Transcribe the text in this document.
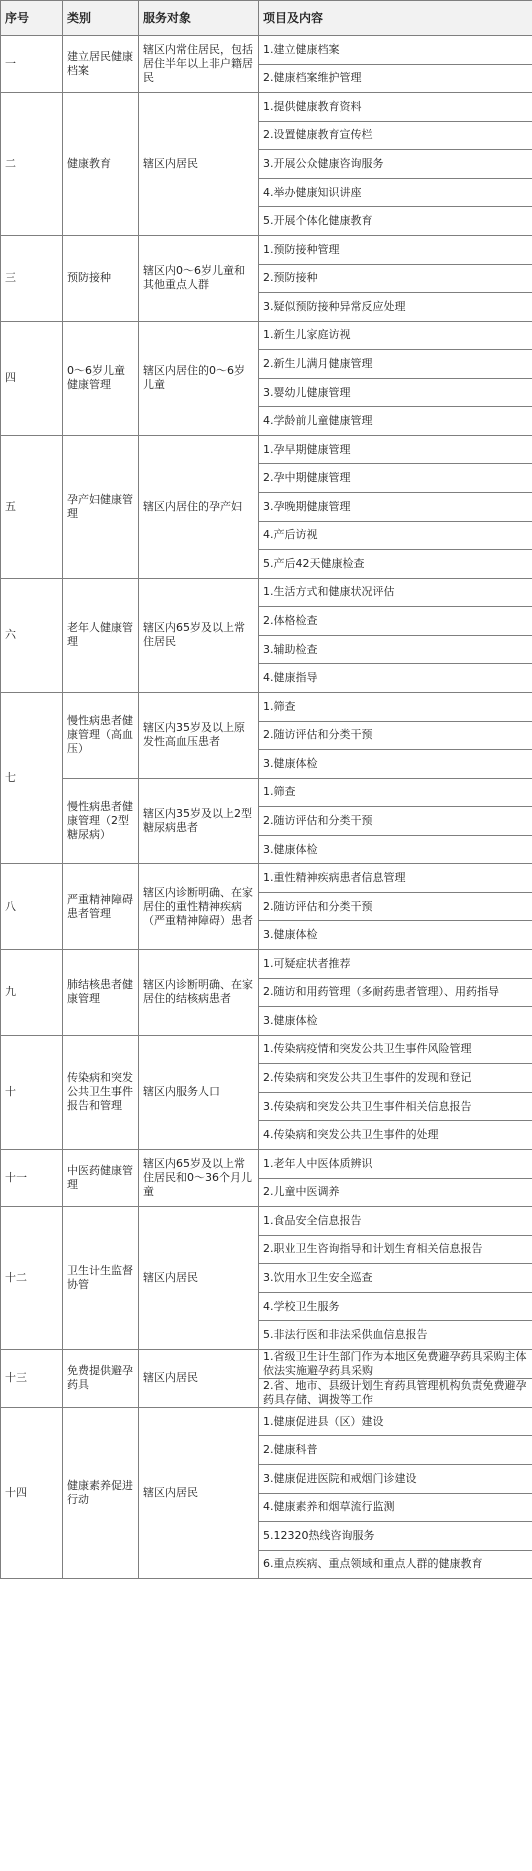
序号	类别	服务对象	项目及内容
一	建立居民健康档案	辖区内常住居民，包括居住半年以上非户籍居民	1.建立健康档案
			2.健康档案维护管理
二	健康教育	辖区内居民	1.提供健康教育资料
			2.设置健康教育宣传栏
			3.开展公众健康咨询服务
			4.举办健康知识讲座
			5.开展个体化健康教育
三	预防接种	辖区内0～6岁儿童和其他重点人群	1.预防接种管理
			2.预防接种
			3.疑似预防接种异常反应处理
四	0～6岁儿童健康管理	辖区内居住的0～6岁儿童	1.新生儿家庭访视
			2.新生儿满月健康管理
			3.婴幼儿健康管理
			4.学龄前儿童健康管理
五	孕产妇健康管理	辖区内居住的孕产妇	1.孕早期健康管理
			2.孕中期健康管理
			3.孕晚期健康管理
			4.产后访视
			5.产后42天健康检查
六	老年人健康管理	辖区内65岁及以上常住居民	1.生活方式和健康状况评估
			2.体格检查
			3.辅助检查
			4.健康指导
七	慢性病患者健康管理（高血压）	辖区内35岁及以上原发性高血压患者	1.筛查
			2.随访评估和分类干预
			3.健康体检
	慢性病患者健康管理（2型糖尿病）	辖区内35岁及以上2型糖尿病患者	1.筛查
			2.随访评估和分类干预
			3.健康体检
八	严重精神障碍患者管理	辖区内诊断明确、在家居住的重性精神疾病（严重精神障碍）患者	1.重性精神疾病患者信息管理
			2.随访评估和分类干预
			3.健康体检
九	肺结核患者健康管理	辖区内诊断明确、在家居住的结核病患者	1.可疑症状者推荐
			2.随访和用药管理（多耐药患者管理）、用药指导
			3.健康体检
十	传染病和突发公共卫生事件报告和管理	辖区内服务人口	1.传染病疫情和突发公共卫生事件风险管理
			2.传染病和突发公共卫生事件的发现和登记
			3.传染病和突发公共卫生事件相关信息报告
			4.传染病和突发公共卫生事件的处理
十一	中医药健康管理	辖区内65岁及以上常住居民和0～36个月儿童	1.老年人中医体质辨识
			2.儿童中医调养
十二	卫生计生监督协管	辖区内居民	1.食品安全信息报告
			2.职业卫生咨询指导和计划生育相关信息报告
			3.饮用水卫生安全巡查
			4.学校卫生服务
			5.非法行医和非法采供血信息报告
十三	免费提供避孕药具	辖区内居民	1.省级卫生计生部门作为本地区免费避孕药具采购主体依法实施避孕药具采购
			2.省、地市、县级计划生育药具管理机构负责免费避孕药具存储、调拨等工作
十四	健康素养促进行动	辖区内居民	1.健康促进县（区）建设
			2.健康科普
			3.健康促进医院和戒烟门诊建设
			4.健康素养和烟草流行监测
			5.12320热线咨询服务
			6.重点疾病、重点领域和重点人群的健康教育
